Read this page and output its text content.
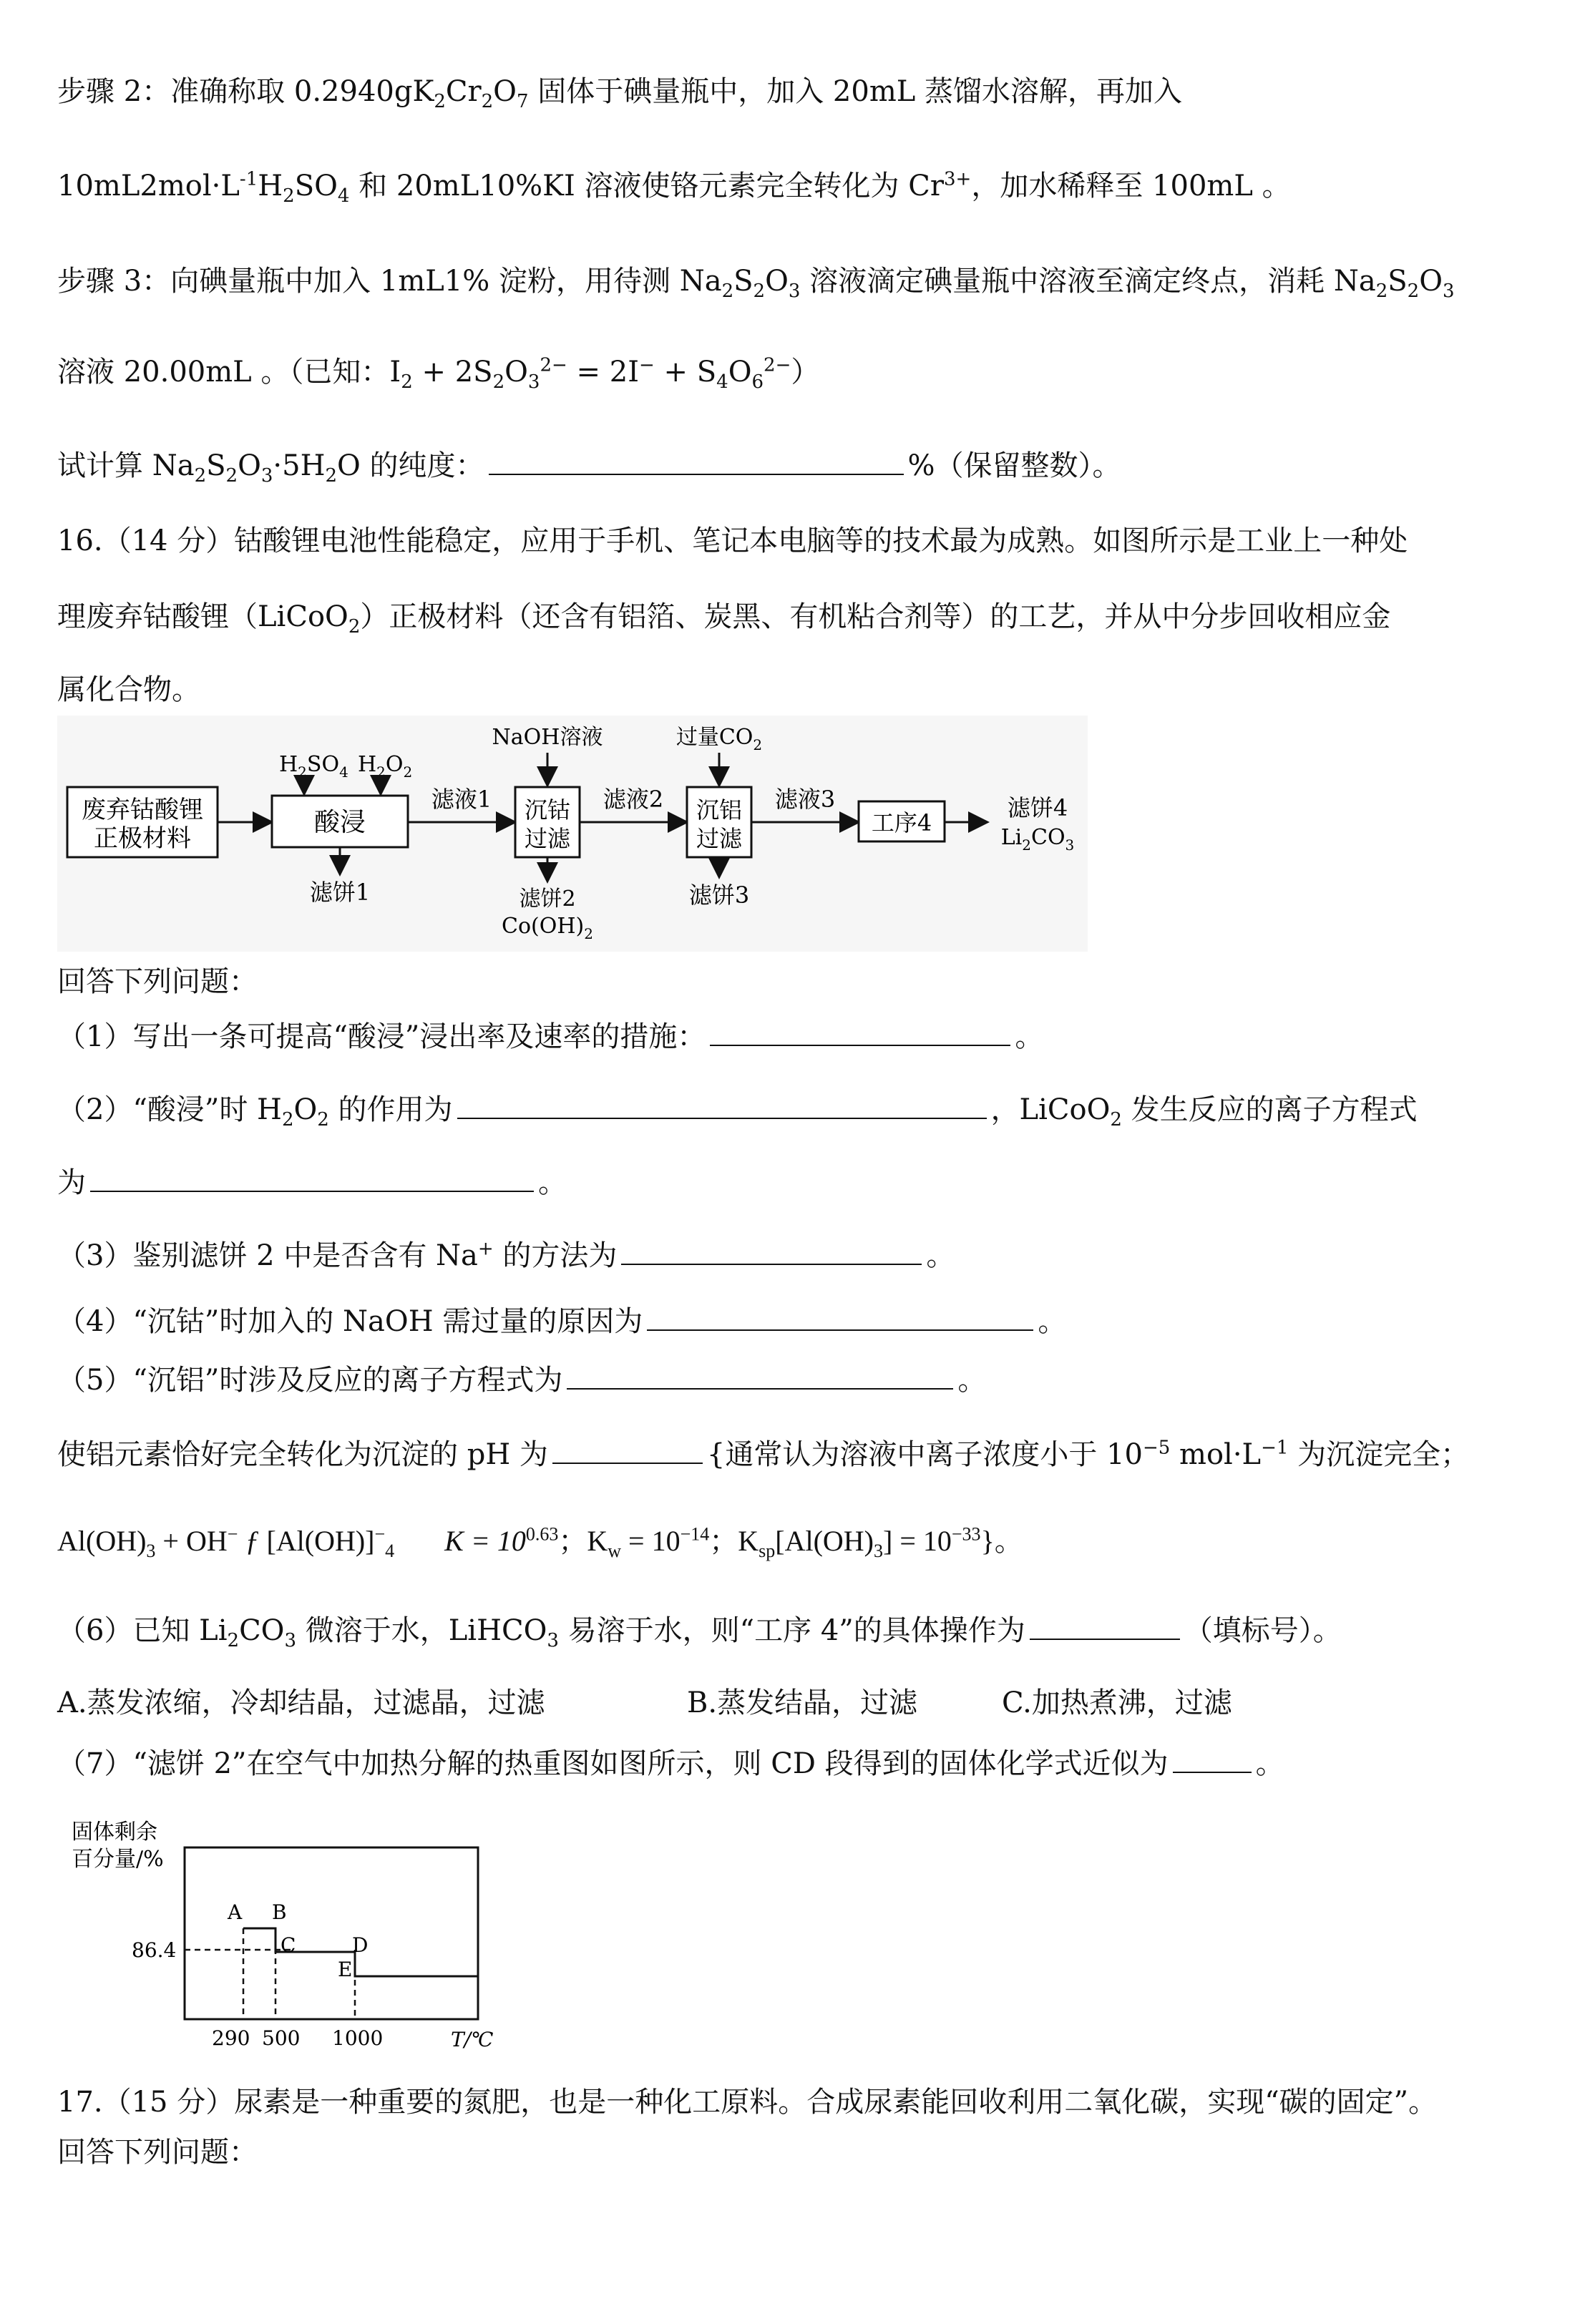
步骤 2：准确称取 $0.2940gK_2Cr_2O_7$ 固体于碘量瓶中，加入 20mL 蒸馏水溶解，再加入
$10mL2mol\cdot L^{-1}H_2SO_4$ 和 20mL10%KI 溶液使铬元素完全转化为 $Cr^{3+}$，加水稀释至 100mL 。
步骤 3：向碘量瓶中加入 1mL1% 淀粉，用待测 $Na_2S_2O_3$ 溶液滴定碘量瓶中溶液至滴定终点，消耗 $Na_2S_2O_3$
溶液 20.00mL 。（已知：$I_2 + 2S_2O_3^{2-} = 2I^- + S_4O_6^{2-}$）
试计算 $Na_2S_2O_3\cdot 5H_2O$ 的纯度：	%（保留整数）。
16.（14 分）钴酸锂电池性能稳定，应用于手机、笔记本电脑等的技术最为成熟。如图所示是工业上一种处
理废弃钴酸锂（LiCoO$_2$）正极材料（还含有铝箔、炭黑、有机粘合剂等）的工艺，并从中分步回收相应金
属化合物。
废弃钴酸锂
正极材料
酸浸
$H_2SO_4$ $H_2O_2$
滤饼1
滤液1 沉钴
过滤
NaOH溶液
滤饼2
$Co(OH)_2$
滤液2 沉铝
过滤
过量$CO_2$
滤饼3
滤液3
工序4
滤饼4
$Li_2CO_3$
回答下列问题：
（1）写出一条可提高“酸浸”浸出率及速率的措施：	。
（2）“酸浸”时 $H_2O_2$ 的作用为	，LiCoO$_2$ 发生反应的离子方程式
为	。
（3）鉴别滤饼 2 中是否含有 Na+ 的方法为	。
（4）“沉钴”时加入的 NaOH 需过量的原因为	。
（5）“沉铝”时涉及反应的离子方程式为	。
使铝元素恰好完全转化为沉淀的 pH 为	{通常认为溶液中离子浓度小于 $10^{-5}$ $mol\cdot L^{-1}$ 为沉淀完全；
$Al(OH)_3 + OH^-$ ƒ $[Al(OH)]^-_4$ $K = 10^{0.63}$；$K_w = 10^{-14}$；$K_{sp}[Al(OH)_3] = 10^{-33}$}。
（6）已知 $Li_2CO_3$ 微溶于水，LiHCO$_3$ 易溶于水，则“工序 4”的具体操作为	（填标号）。
A.蒸发浓缩，冷却结晶，过滤晶，过滤	B.蒸发结晶，过滤	C.加热煮沸，过滤
（7）“滤饼 2”在空气中加热分解的热重图如图所示，则 CD 段得到的固体化学式近似为	。
固体剩余
百分量/%
86.4
A B
C	D
E
290 500 1000	T/℃
17.（15 分）尿素是一种重要的氮肥，也是一种化工原料。合成尿素能回收利用二氧化碳，实现“碳的固定”。
回答下列问题：
